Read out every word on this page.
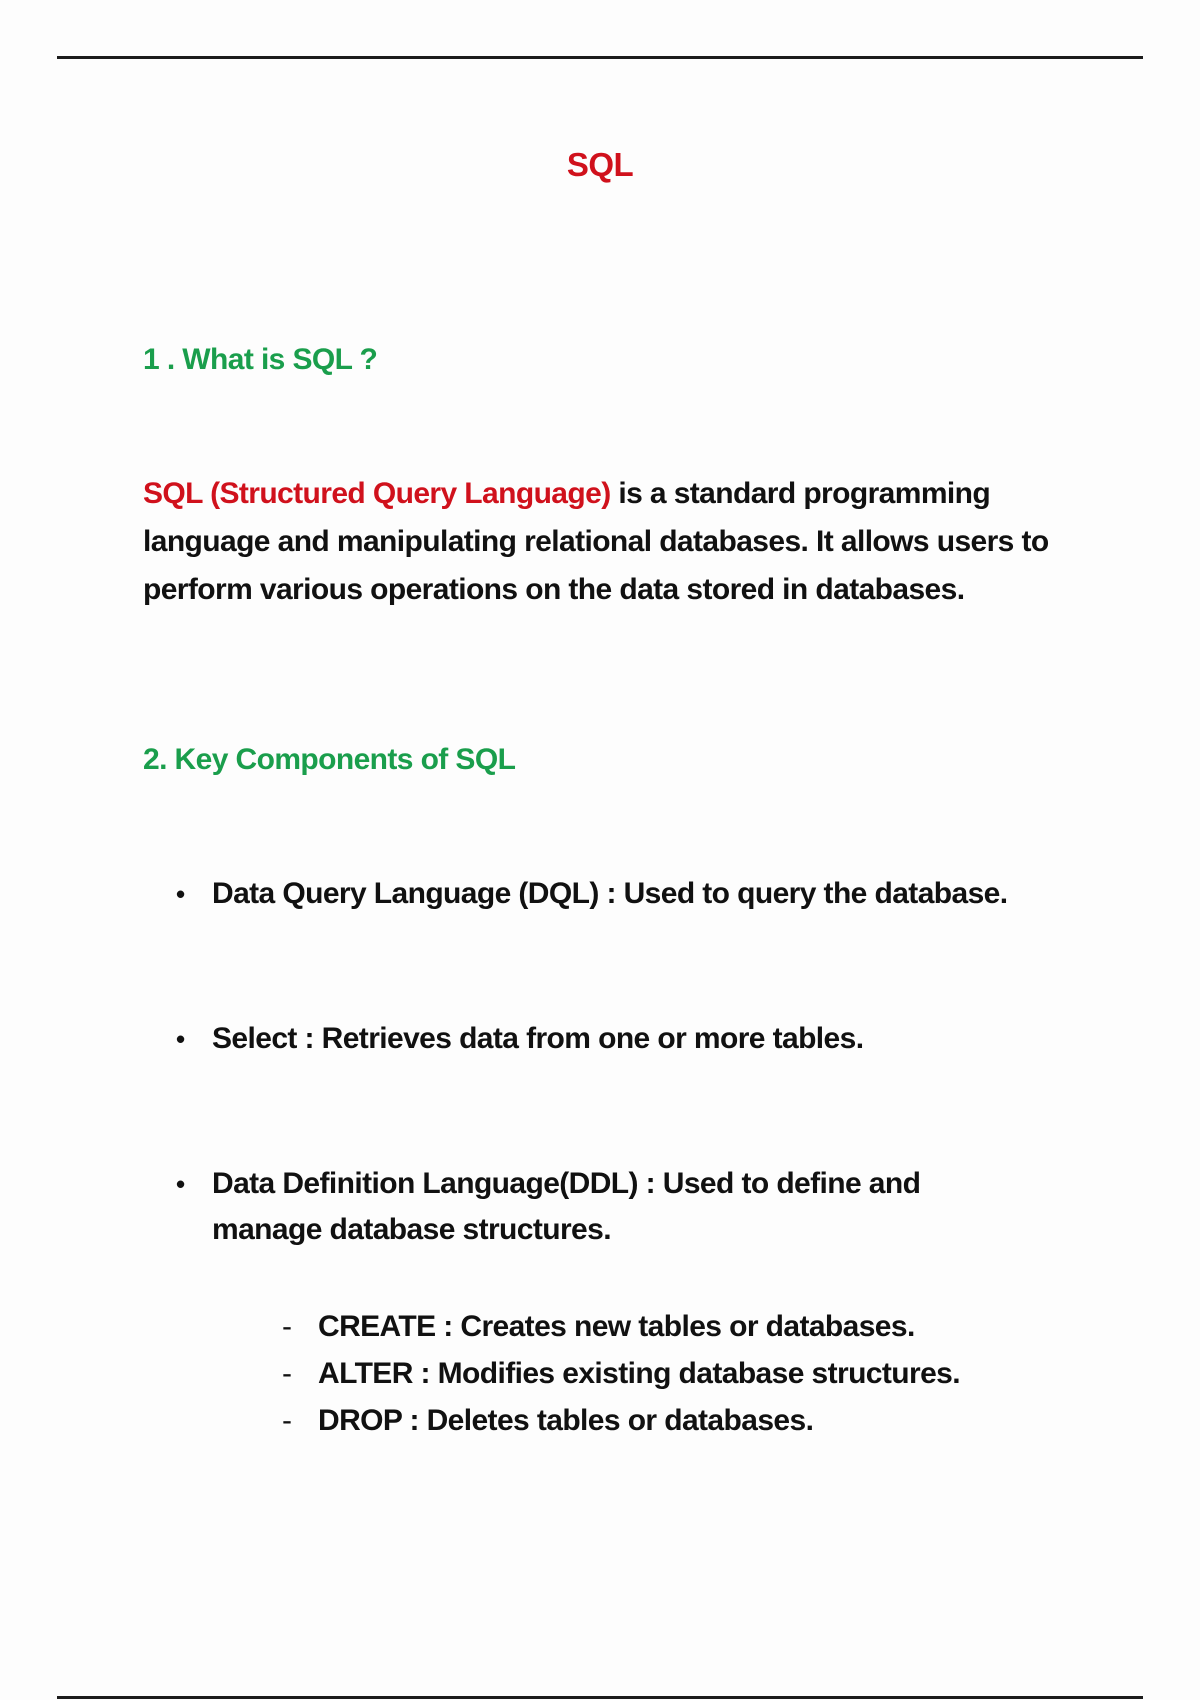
SQL
1 . What is SQL ?
SQL (Structured Query Language) is a standard programming language and manipulating relational databases. It allows users to perform various operations on the data stored in databases.
2. Key Components of SQL
• Data Query Language (DQL) : Used to query the database.
• Select : Retrieves data from one or more tables.
• Data Definition Language(DDL) : Used to define and manage database structures.
- CREATE : Creates new tables or databases.
- ALTER : Modifies existing database structures.
- DROP : Deletes tables or databases.
